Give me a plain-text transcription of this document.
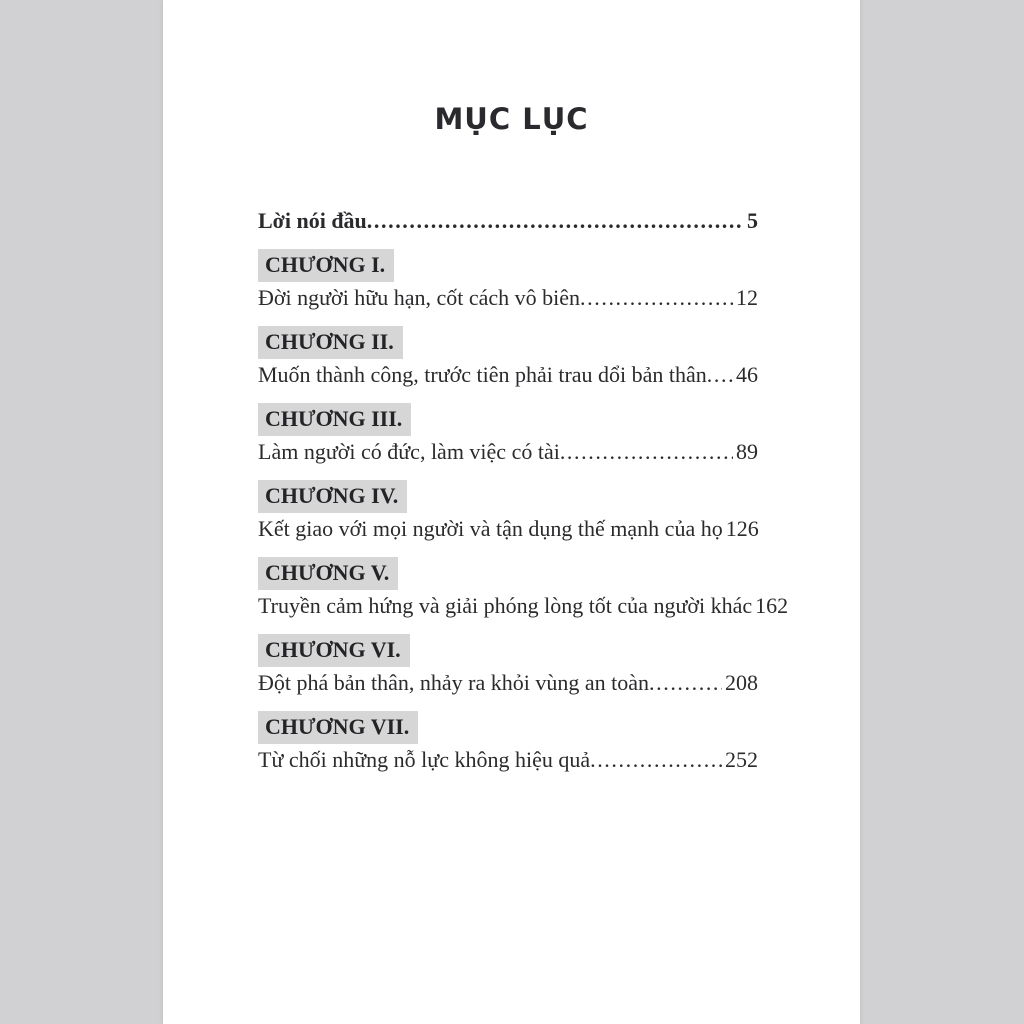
MỤC LỤC
Lời nói đầu .....	5
CHƯƠNG I.
Đời người hữu hạn, cốt cách vô biên .....	12
CHƯƠNG II.
Muốn thành công, trước tiên phải trau dổi bản thân ..... 46
CHƯƠNG III.
Làm người có đức, làm việc có tài .....	89
CHƯƠNG IV.
Kết giao với mọi người và tận dụng thế mạnh của họ 126
CHƯƠNG V.
Truyền cảm hứng và giải phóng lòng tốt của người khác 162
CHƯƠNG VI.
Đột phá bản thân, nhảy ra khỏi vùng an toàn .....	208
CHƯƠNG VII.
Từ chối những nỗ lực không hiệu quả .....	252
